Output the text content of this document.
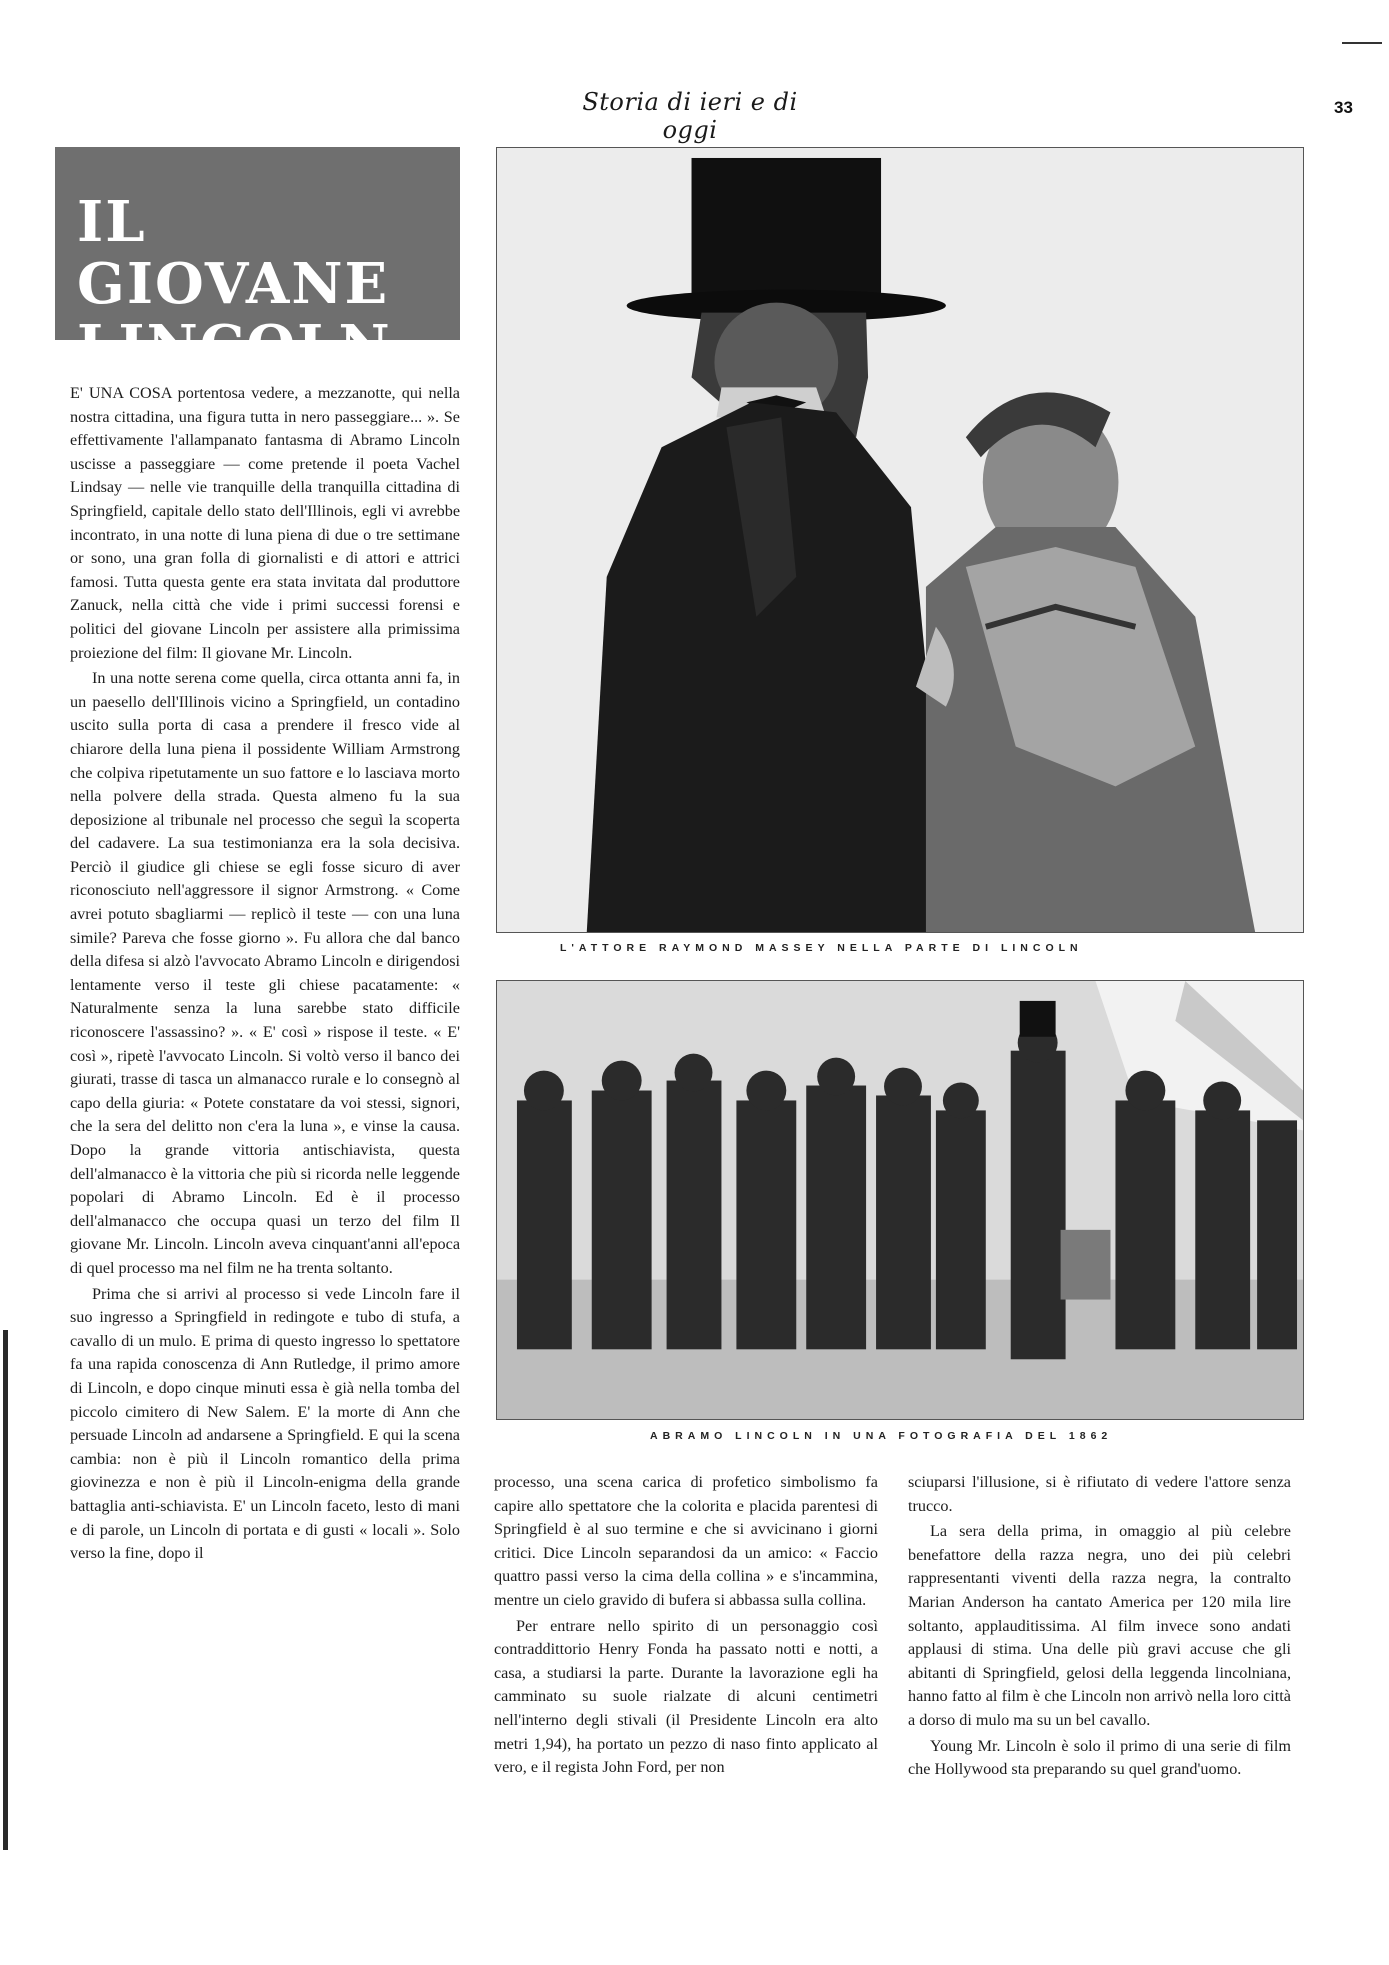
Storia di ieri e di oggi
33
IL GIOVANE
LINCOLN

E' UNA COSA portentosa vedere, a mezzanotte, qui nella nostra cittadina, una figura tutta in nero passeggiare... ». Se effettivamente l'allampanato fantasma di Abramo Lincoln uscisse a passeggiare — come pretende il poeta Vachel Lindsay — nelle vie tranquille della tranquilla cittadina di Springfield, capitale dello stato dell'Illinois, egli vi avrebbe incontrato, in una notte di luna piena di due o tre settimane or sono, una gran folla di giornalisti e di attori e attrici famosi. Tutta questa gente era stata invitata dal produttore Zanuck, nella città che vide i primi successi forensi e politici del giovane Lincoln per assistere alla primissima proiezione del film: Il giovane Mr. Lincoln.

In una notte serena come quella, circa ottanta anni fa, in un paesello dell'Illinois vicino a Springfield, un contadino uscito sulla porta di casa a prendere il fresco vide al chiarore della luna piena il possidente William Armstrong che colpiva ripetutamente un suo fattore e lo lasciava morto nella polvere della strada. Questa almeno fu la sua deposizione al tribunale nel processo che seguì la scoperta del cadavere. La sua testimonianza era la sola decisiva. Perciò il giudice gli chiese se egli fosse sicuro di aver riconosciuto nell'aggressore il signor Armstrong. « Come avrei potuto sbagliarmi — replicò il teste — con una luna simile? Pareva che fosse giorno ». Fu allora che dal banco della difesa si alzò l'avvocato Abramo Lincoln e dirigendosi lentamente verso il teste gli chiese pacatamente: « Naturalmente senza la luna sarebbe stato difficile riconoscere l'assassino? ». « E' così » rispose il teste. « E' così », ripetè l'avvocato Lincoln. Si voltò verso il banco dei giurati, trasse di tasca un almanacco rurale e lo consegnò al capo della giuria: « Potete constatare da voi stessi, signori, che la sera del delitto non c'era la luna », e vinse la causa. Dopo la grande vittoria antischiavista, questa dell'almanacco è la vittoria che più si ricorda nelle leggende popolari di Abramo Lincoln. Ed è il processo dell'almanacco che occupa quasi un terzo del film Il giovane Mr. Lincoln. Lincoln aveva cinquant'anni all'epoca di quel processo ma nel film ne ha trenta soltanto.

Prima che si arrivi al processo si vede Lincoln fare il suo ingresso a Springfield in redingote e tubo di stufa, a cavallo di un mulo. E prima di questo ingresso lo spettatore fa una rapida conoscenza di Ann Rutledge, il primo amore di Lincoln, e dopo cinque minuti essa è già nella tomba del piccolo cimitero di New Salem. E' la morte di Ann che persuade Lincoln ad andarsene a Springfield. E qui la scena cambia: non è più il Lincoln romantico della prima giovinezza e non è più il Lincoln-enigma della grande battaglia anti-schiavista. E' un Lincoln faceto, lesto di mani e di parole, un Lincoln di portata e di gusti « locali ». Solo verso la fine, dopo il

L'ATTORE RAYMOND MASSEY NELLA PARTE DI LINCOLN
ABRAMO LINCOLN IN UNA FOTOGRAFIA DEL 1862

processo, una scena carica di profetico simbolismo fa capire allo spettatore che la colorita e placida parentesi di Springfield è al suo termine e che si avvicinano i giorni critici. Dice Lincoln separandosi da un amico: « Faccio quattro passi verso la cima della collina » e s'incammina, mentre un cielo gravido di bufera si abbassa sulla collina.

Per entrare nello spirito di un personaggio così contraddittorio Henry Fonda ha passato notti e notti, a casa, a studiarsi la parte. Durante la lavorazione egli ha camminato su suole rialzate di alcuni centimetri nell'interno degli stivali (il Presidente Lincoln era alto metri 1,94), ha portato un pezzo di naso finto applicato al vero, e il regista John Ford, per non

sciuparsi l'illusione, si è rifiutato di vedere l'attore senza trucco.

La sera della prima, in omaggio al più celebre benefattore della razza negra, uno dei più celebri rappresentanti viventi della razza negra, la contralto Marian Anderson ha cantato America per 120 mila lire soltanto, applauditissima. Al film invece sono andati applausi di stima. Una delle più gravi accuse che gli abitanti di Springfield, gelosi della leggenda lincolniana, hanno fatto al film è che Lincoln non arrivò nella loro città a dorso di mulo ma su un bel cavallo.

Young Mr. Lincoln è solo il primo di una serie di film che Hollywood sta preparando su quel grand'uomo.
